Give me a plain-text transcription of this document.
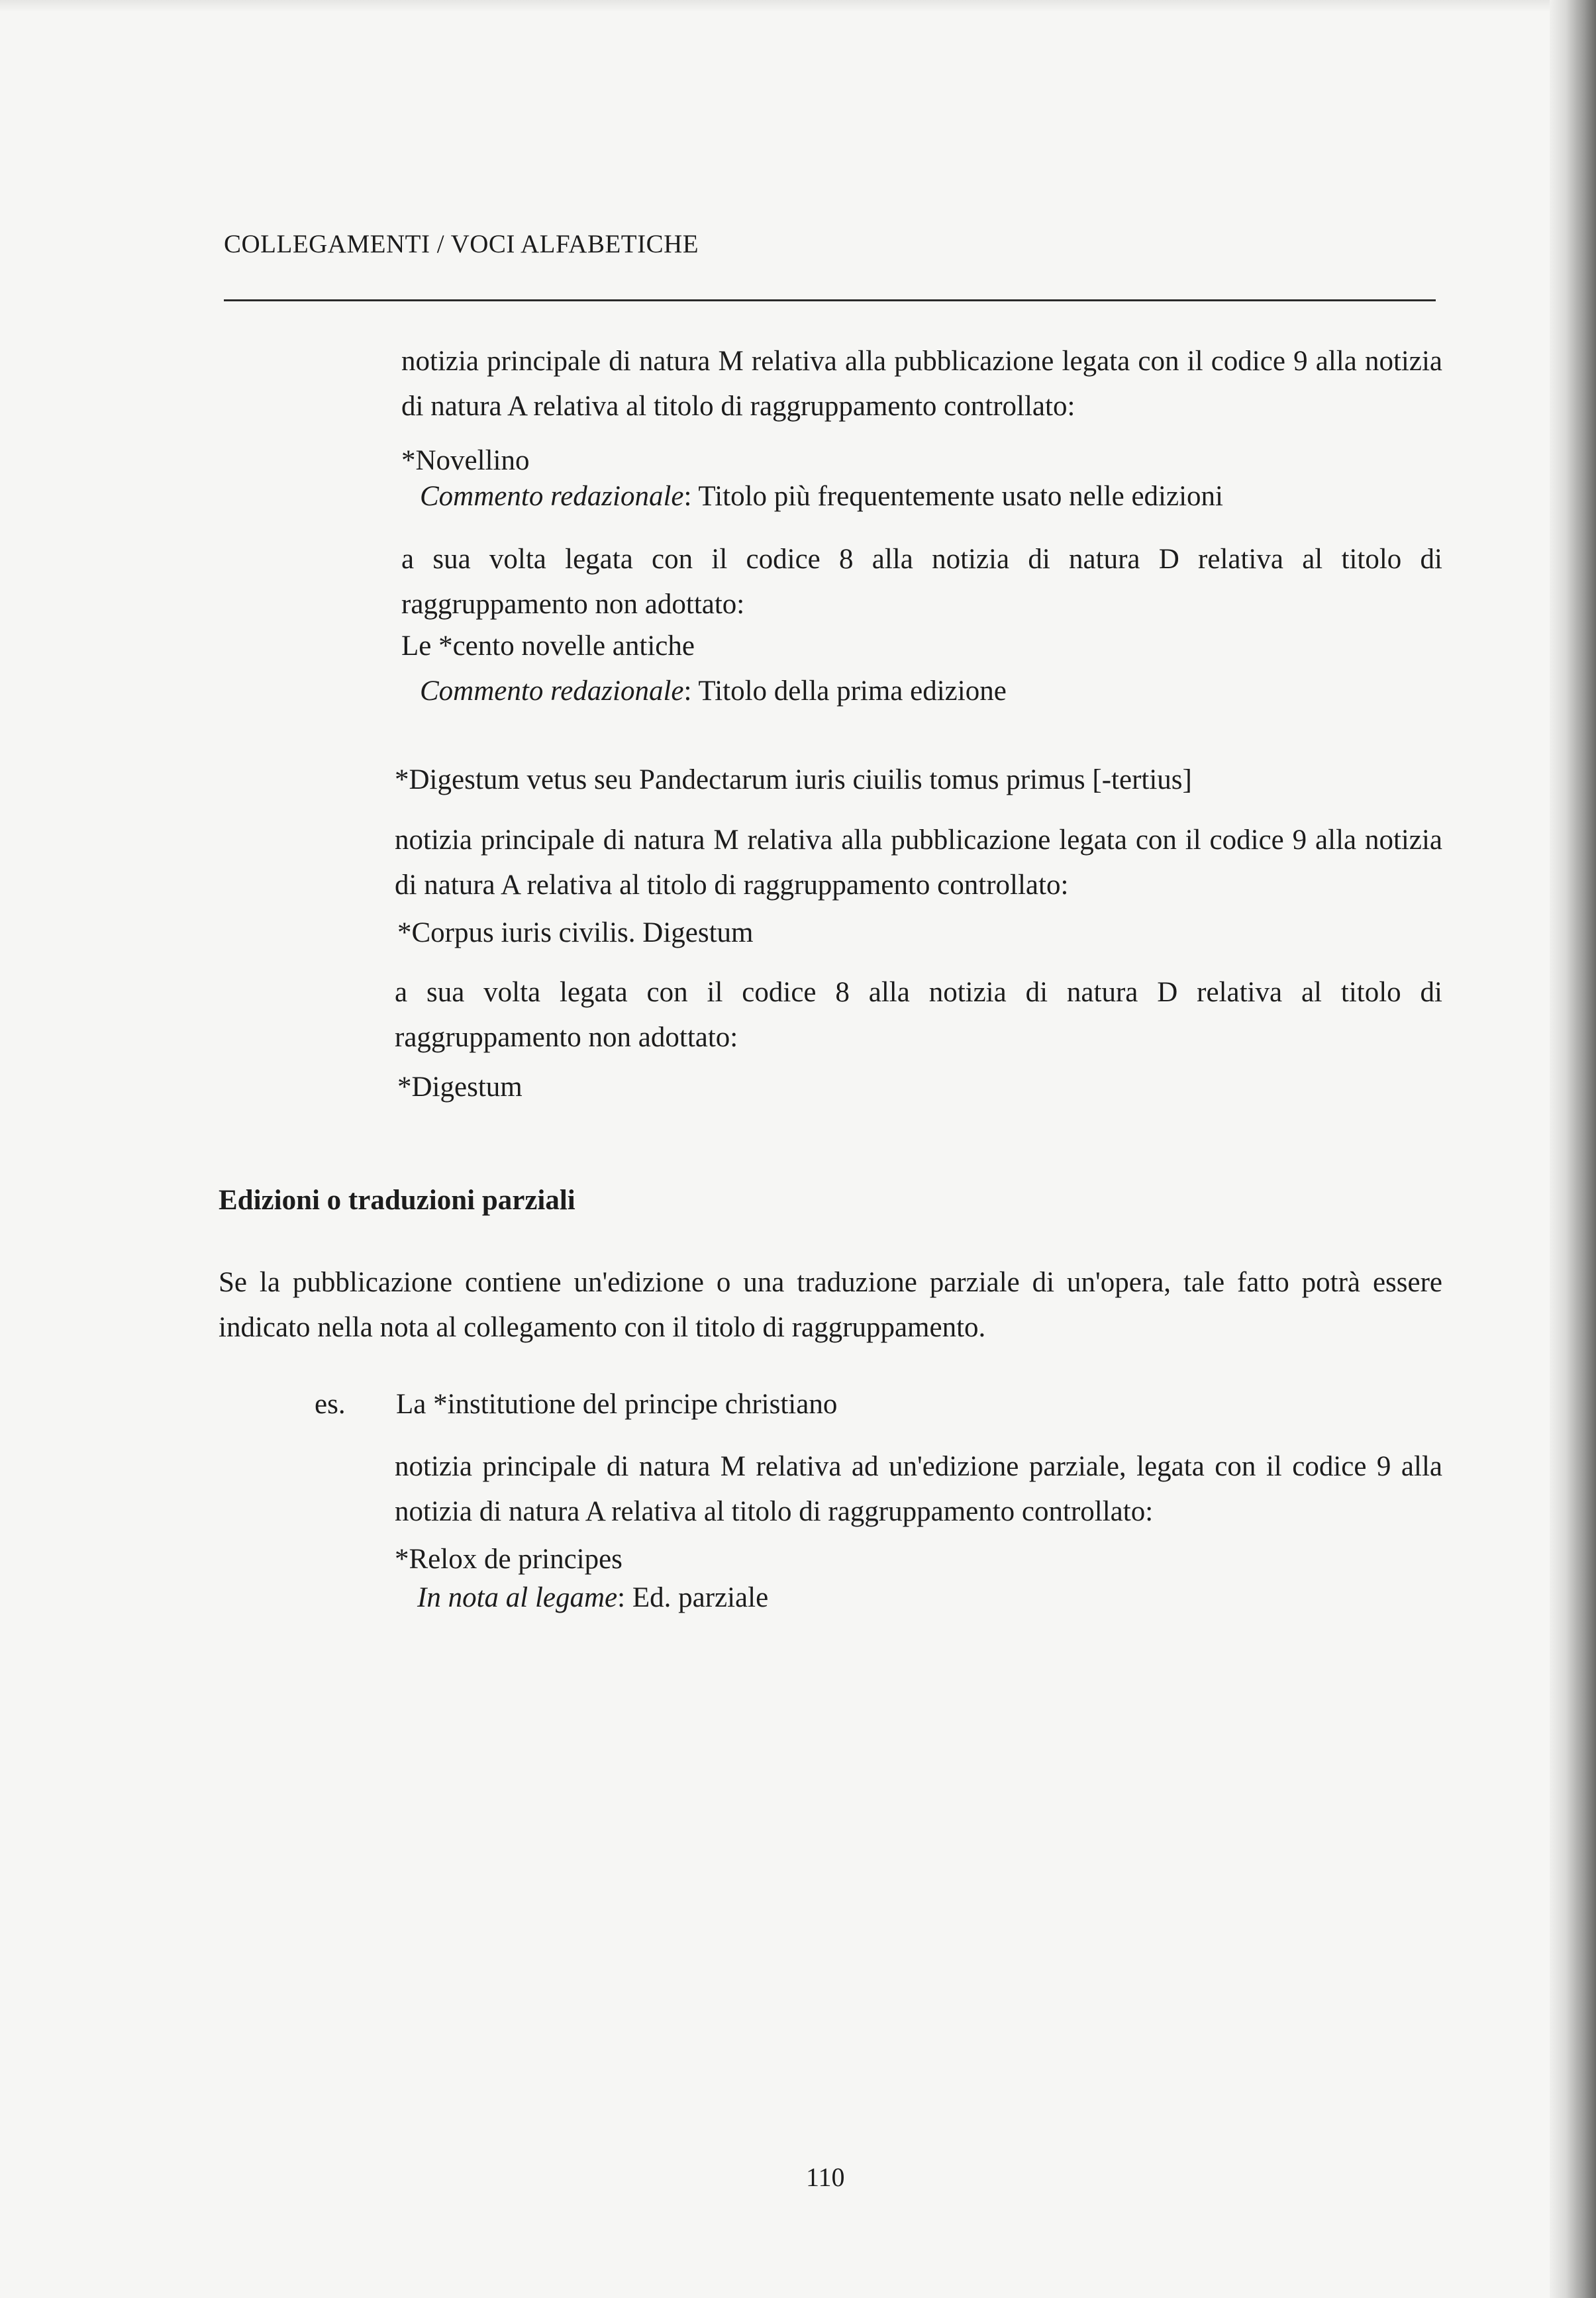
COLLEGAMENTI / VOCI ALFABETICHE

notizia principale di natura M relativa alla pubblicazione legata con il codice 9 alla notizia di natura A relativa al titolo di raggruppamento controllato:

*Novellino
Commento redazionale: Titolo più frequentemente usato nelle edizioni

a sua volta legata con il codice 8 alla notizia di natura D relativa al titolo di raggruppamento non adottato:

Le *cento novelle antiche
Commento redazionale: Titolo della prima edizione
*Digestum vetus seu Pandectarum iuris ciuilis tomus primus [-tertius]

notizia principale di natura M relativa alla pubblicazione legata con il codice 9 alla notizia di natura A relativa al titolo di raggruppamento controllato:

*Corpus iuris civilis. Digestum

a sua volta legata con il codice 8 alla notizia di natura D relativa al titolo di raggruppamento non adottato:

*Digestum
Edizioni o traduzioni parziali

Se la pubblicazione contiene un'edizione o una traduzione parziale di un'opera, tale fatto potrà essere indicato nella nota al collegamento con il titolo di raggruppamento.

es. La *institutione del principe christiano

notizia principale di natura M relativa ad un'edizione parziale, legata con il codice 9 alla notizia di natura A relativa al titolo di raggruppamento controllato:

*Relox de principes
In nota al legame: Ed. parziale
110
